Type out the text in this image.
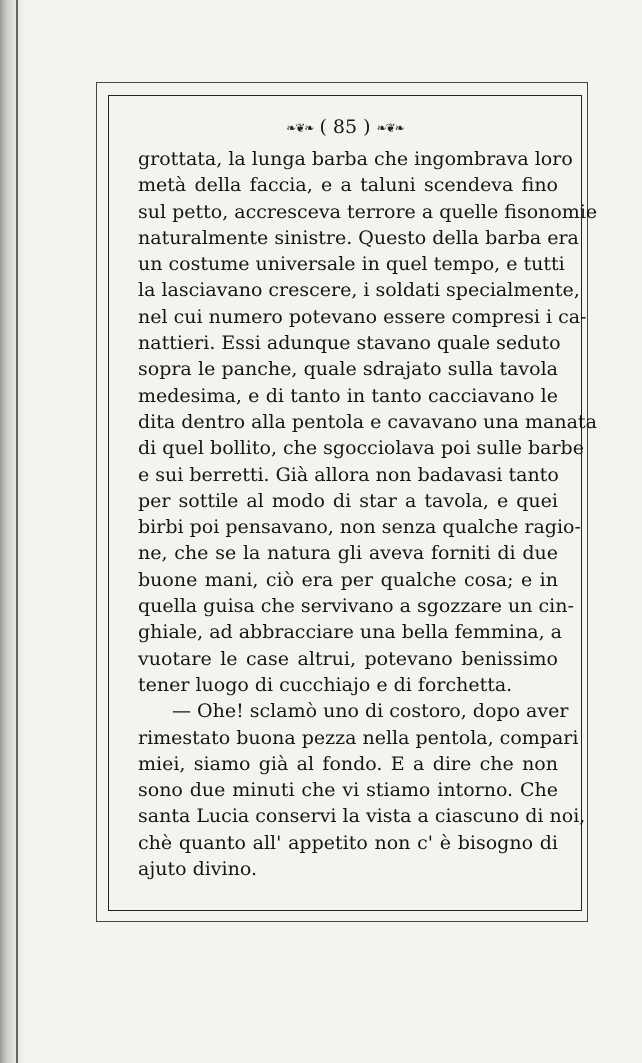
❧❦❧ ( 85 ) ❧❦❧
grottata, la lunga barba che ingombrava loro
metà della faccia, e a taluni scendeva fino
sul petto, accresceva terrore a quelle fisonomie
naturalmente sinistre. Questo della barba era
un costume universale in quel tempo, e tutti
la lasciavano crescere, i soldati specialmente,
nel cui numero potevano essere compresi i ca-
nattieri. Essi adunque stavano quale seduto
sopra le panche, quale sdrajato sulla tavola
medesima, e di tanto in tanto cacciavano le
dita dentro alla pentola e cavavano una manata
di quel bollito, che sgocciolava poi sulle barbe
e sui berretti. Già allora non badavasi tanto
per sottile al modo di star a tavola, e quei
birbi poi pensavano, non senza qualche ragio-
ne, che se la natura gli aveva forniti di due
buone mani, ciò era per qualche cosa; e in
quella guisa che servivano a sgozzare un cin-
ghiale, ad abbracciare una bella femmina, a
vuotare le case altrui, potevano benissimo
tener luogo di cucchiajo e di forchetta.
— Ohe! sclamò uno di costoro, dopo aver
rimestato buona pezza nella pentola, compari
miei, siamo già al fondo. E a dire che non
sono due minuti che vi stiamo intorno. Che
santa Lucia conservi la vista a ciascuno di noi,
chè quanto all' appetito non c' è bisogno di
ajuto divino.
